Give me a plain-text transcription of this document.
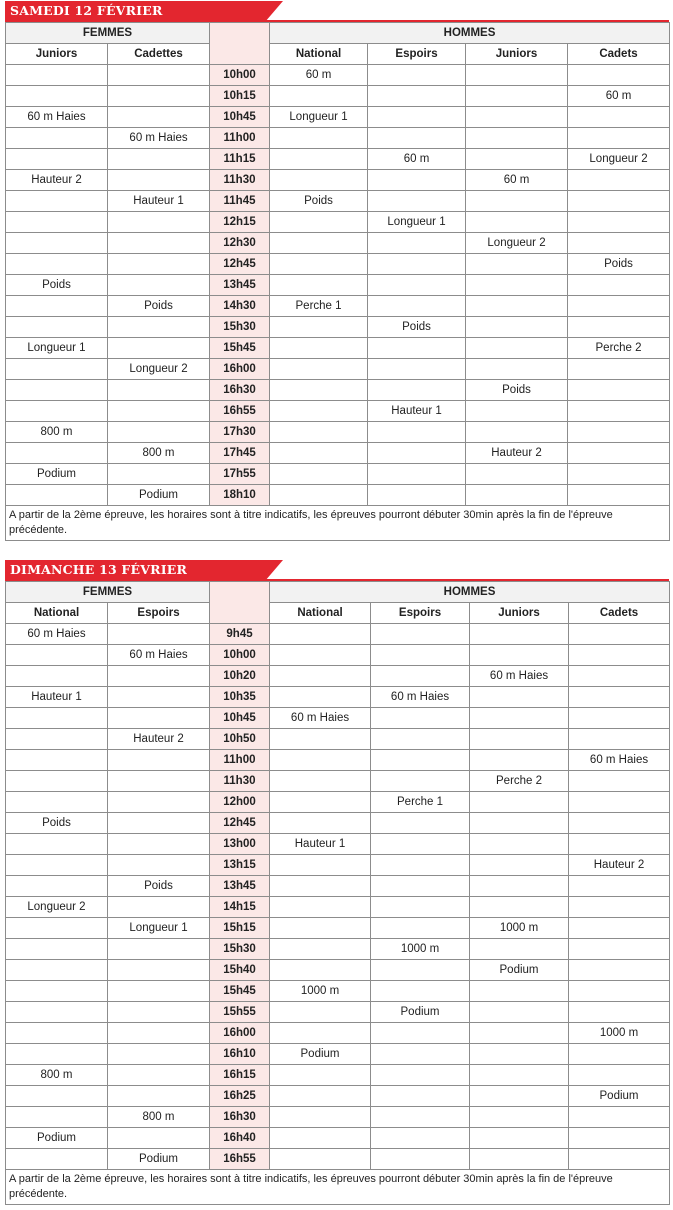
SAMEDI 12 FÉVRIER
FEMMES			HOMMES			
Juniors	Cadettes		National	Espoirs	Juniors	Cadets
		10h00	60 m			
		10h15				60 m
60 m Haies		10h45	Longueur 1			
	60 m Haies	11h00				
		11h15		60 m		Longueur 2
Hauteur 2		11h30			60 m	
	Hauteur 1	11h45	Poids			
		12h15		Longueur 1		
		12h30			Longueur 2	
		12h45				Poids
Poids		13h45				
	Poids	14h30	Perche 1			
		15h30		Poids		
Longueur 1		15h45				Perche 2
	Longueur 2	16h00				
		16h30			Poids	
		16h55		Hauteur 1		
800 m		17h30				
	800 m	17h45			Hauteur 2	
Podium		17h55				
	Podium	18h10				
A partir de la 2ème épreuve, les horaires sont à titre indicatifs, les épreuves pourront débuter 30min après la fin de l'épreuve précédente.						
DIMANCHE 13 FÉVRIER
FEMMES			HOMMES			
National	Espoirs		National	Espoirs	Juniors	Cadets
60 m Haies		9h45				
	60 m Haies	10h00				
		10h20			60 m Haies	
Hauteur 1		10h35		60 m Haies		
		10h45	60 m Haies			
	Hauteur 2	10h50				
		11h00				60 m Haies
		11h30			Perche 2	
		12h00		Perche 1		
Poids		12h45				
		13h00	Hauteur 1			
		13h15				Hauteur 2
	Poids	13h45				
Longueur 2		14h15				
	Longueur 1	15h15			1000 m	
		15h30		1000 m		
		15h40			Podium	
		15h45	1000 m			
		15h55		Podium		
		16h00				1000 m
		16h10	Podium			
800 m		16h15				
		16h25				Podium
	800 m	16h30				
Podium		16h40				
	Podium	16h55				
A partir de la 2ème épreuve, les horaires sont à titre indicatifs, les épreuves pourront débuter 30min après la fin de l'épreuve précédente.						
